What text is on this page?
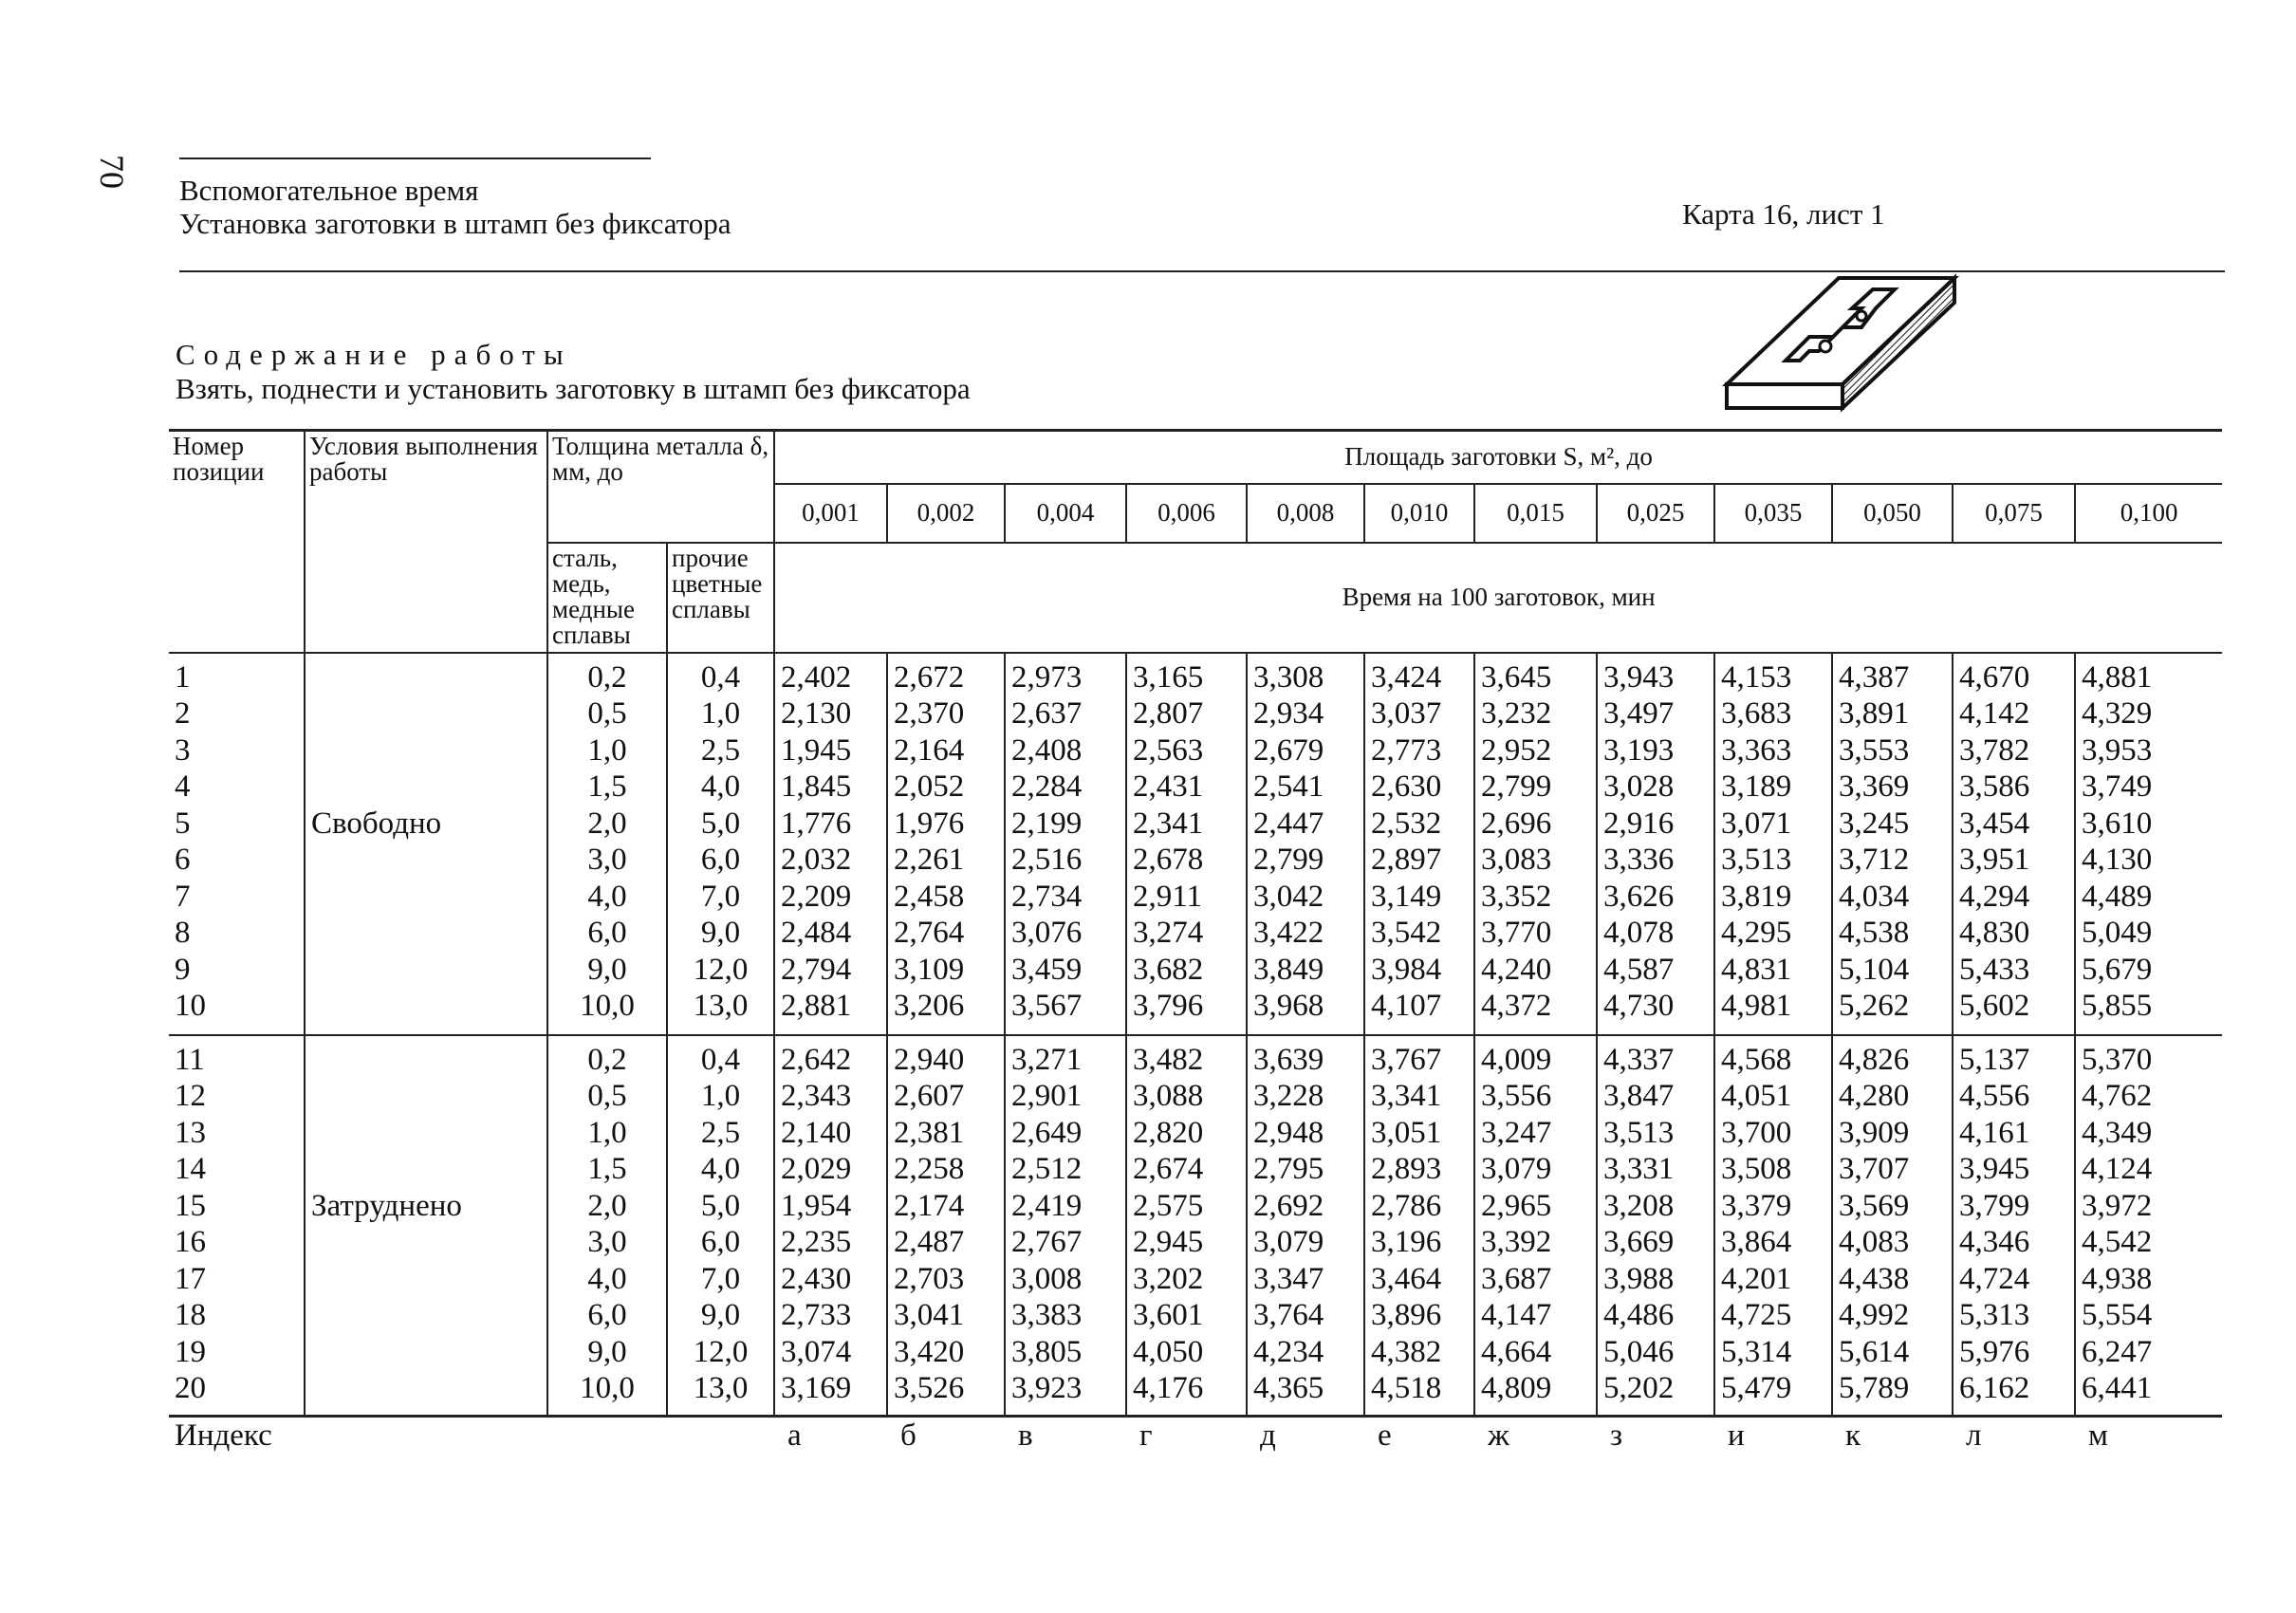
70
Вспомогательное время
Установка заготовки в штамп без фиксатора	Карта 16, лист 1
Содержание работы
Взять, поднести и установить заготовку в штамп без фиксатора
Номер позиции	Условия выполнения работы	Толщина металла δ, мм, до		Площадь заготовки S, м², до											
				0,001	0,002	0,004	0,006	0,008	0,010	0,015	0,025	0,035	0,050	0,075	0,100
		сталь, медь, медные сплавы	прочие цветные сплавы	Время на 100 заготовок, мин											
1		0,2	0,4	2,402	2,672	2,973	3,165	3,308	3,424	3,645	3,943	4,153	4,387	4,670	4,881
2		0,5	1,0	2,130	2,370	2,637	2,807	2,934	3,037	3,232	3,497	3,683	3,891	4,142	4,329
3		1,0	2,5	1,945	2,164	2,408	2,563	2,679	2,773	2,952	3,193	3,363	3,553	3,782	3,953
4		1,5	4,0	1,845	2,052	2,284	2,431	2,541	2,630	2,799	3,028	3,189	3,369	3,586	3,749
5	Свободно	2,0	5,0	1,776	1,976	2,199	2,341	2,447	2,532	2,696	2,916	3,071	3,245	3,454	3,610
6		3,0	6,0	2,032	2,261	2,516	2,678	2,799	2,897	3,083	3,336	3,513	3,712	3,951	4,130
7		4,0	7,0	2,209	2,458	2,734	2,911	3,042	3,149	3,352	3,626	3,819	4,034	4,294	4,489
8		6,0	9,0	2,484	2,764	3,076	3,274	3,422	3,542	3,770	4,078	4,295	4,538	4,830	5,049
9		9,0	12,0	2,794	3,109	3,459	3,682	3,849	3,984	4,240	4,587	4,831	5,104	5,433	5,679
10		10,0	13,0	2,881	3,206	3,567	3,796	3,968	4,107	4,372	4,730	4,981	5,262	5,602	5,855

11		0,2	0,4	2,642	2,940	3,271	3,482	3,639	3,767	4,009	4,337	4,568	4,826	5,137	5,370
12		0,5	1,0	2,343	2,607	2,901	3,088	3,228	3,341	3,556	3,847	4,051	4,280	4,556	4,762
13		1,0	2,5	2,140	2,381	2,649	2,820	2,948	3,051	3,247	3,513	3,700	3,909	4,161	4,349
14		1,5	4,0	2,029	2,258	2,512	2,674	2,795	2,893	3,079	3,331	3,508	3,707	3,945	4,124
15	Затруднено	2,0	5,0	1,954	2,174	2,419	2,575	2,692	2,786	2,965	3,208	3,379	3,569	3,799	3,972
16		3,0	6,0	2,235	2,487	2,767	2,945	3,079	3,196	3,392	3,669	3,864	4,083	4,346	4,542
17		4,0	7,0	2,430	2,703	3,008	3,202	3,347	3,464	3,687	3,988	4,201	4,438	4,724	4,938
18		6,0	9,0	2,733	3,041	3,383	3,601	3,764	3,896	4,147	4,486	4,725	4,992	5,313	5,554
19		9,0	12,0	3,074	3,420	3,805	4,050	4,234	4,382	4,664	5,046	5,314	5,614	5,976	6,247
20		10,0	13,0	3,169	3,526	3,923	4,176	4,365	4,518	4,809	5,202	5,479	5,789	6,162	6,441

Индекс				а	б	в	г	д	е	ж	з	и	к	л	м
